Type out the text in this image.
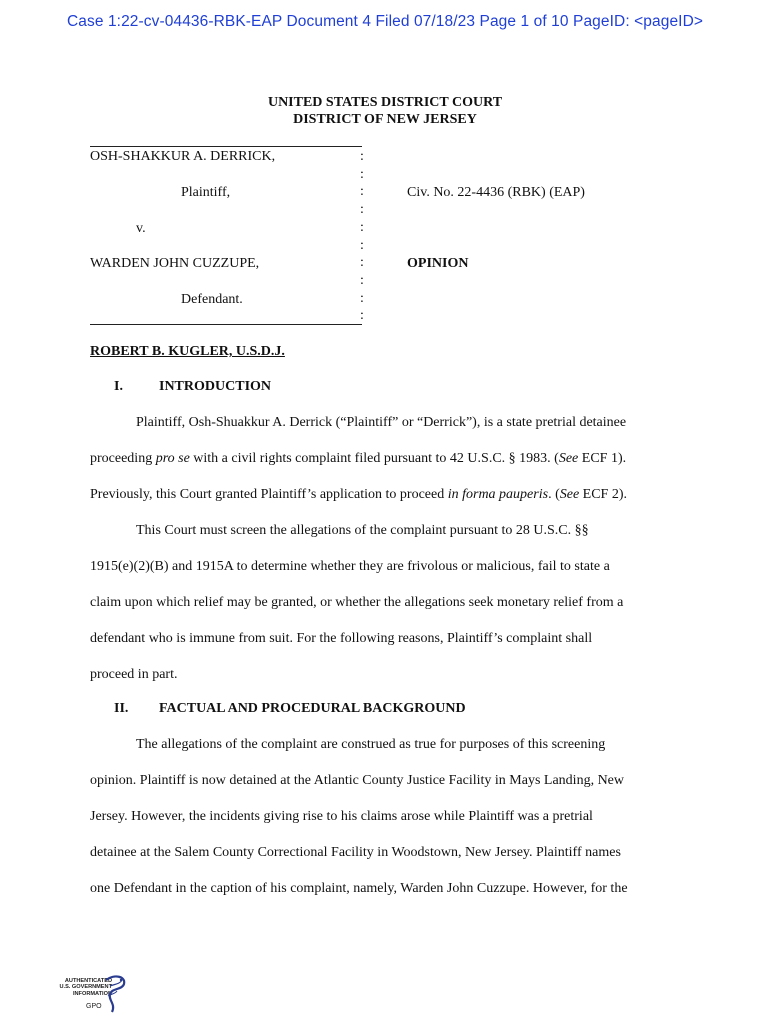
Case 1:22-cv-04436-RBK-EAP Document 4 Filed 07/18/23 Page 1 of 10 PageID: <pageID>
UNITED STATES DISTRICT COURT
DISTRICT OF NEW JERSEY
OSH-SHAKKUR A. DERRICK,
Plaintiff,
v.
WARDEN JOHN CUZZUPE,
Defendant.
:
:
:
:
:
:
:
:
:
:
Civ. No. 22-4436 (RBK) (EAP)
OPINION
ROBERT B. KUGLER, U.S.D.J.
I.	INTRODUCTION
Plaintiff, Osh-Shuakkur A. Derrick (“Plaintiff” or “Derrick”), is a state pretrial detainee
proceeding pro se with a civil rights complaint filed pursuant to 42 U.S.C. § 1983. (See ECF 1).
Previously, this Court granted Plaintiff’s application to proceed in forma pauperis. (See ECF 2).
This Court must screen the allegations of the complaint pursuant to 28 U.S.C. §§
1915(e)(2)(B) and 1915A to determine whether they are frivolous or malicious, fail to state a
claim upon which relief may be granted, or whether the allegations seek monetary relief from a
defendant who is immune from suit. For the following reasons, Plaintiff’s complaint shall
proceed in part.
II. FACTUAL AND PROCEDURAL BACKGROUND
The allegations of the complaint are construed as true for purposes of this screening
opinion. Plaintiff is now detained at the Atlantic County Justice Facility in Mays Landing, New
Jersey. However, the incidents giving rise to his claims arose while Plaintiff was a pretrial
detainee at the Salem County Correctional Facility in Woodstown, New Jersey. Plaintiff names
one Defendant in the caption of his complaint, namely, Warden John Cuzzupe. However, for the
AUTHENTICATED
U.S. GOVERNMENT
INFORMATION
GPO
